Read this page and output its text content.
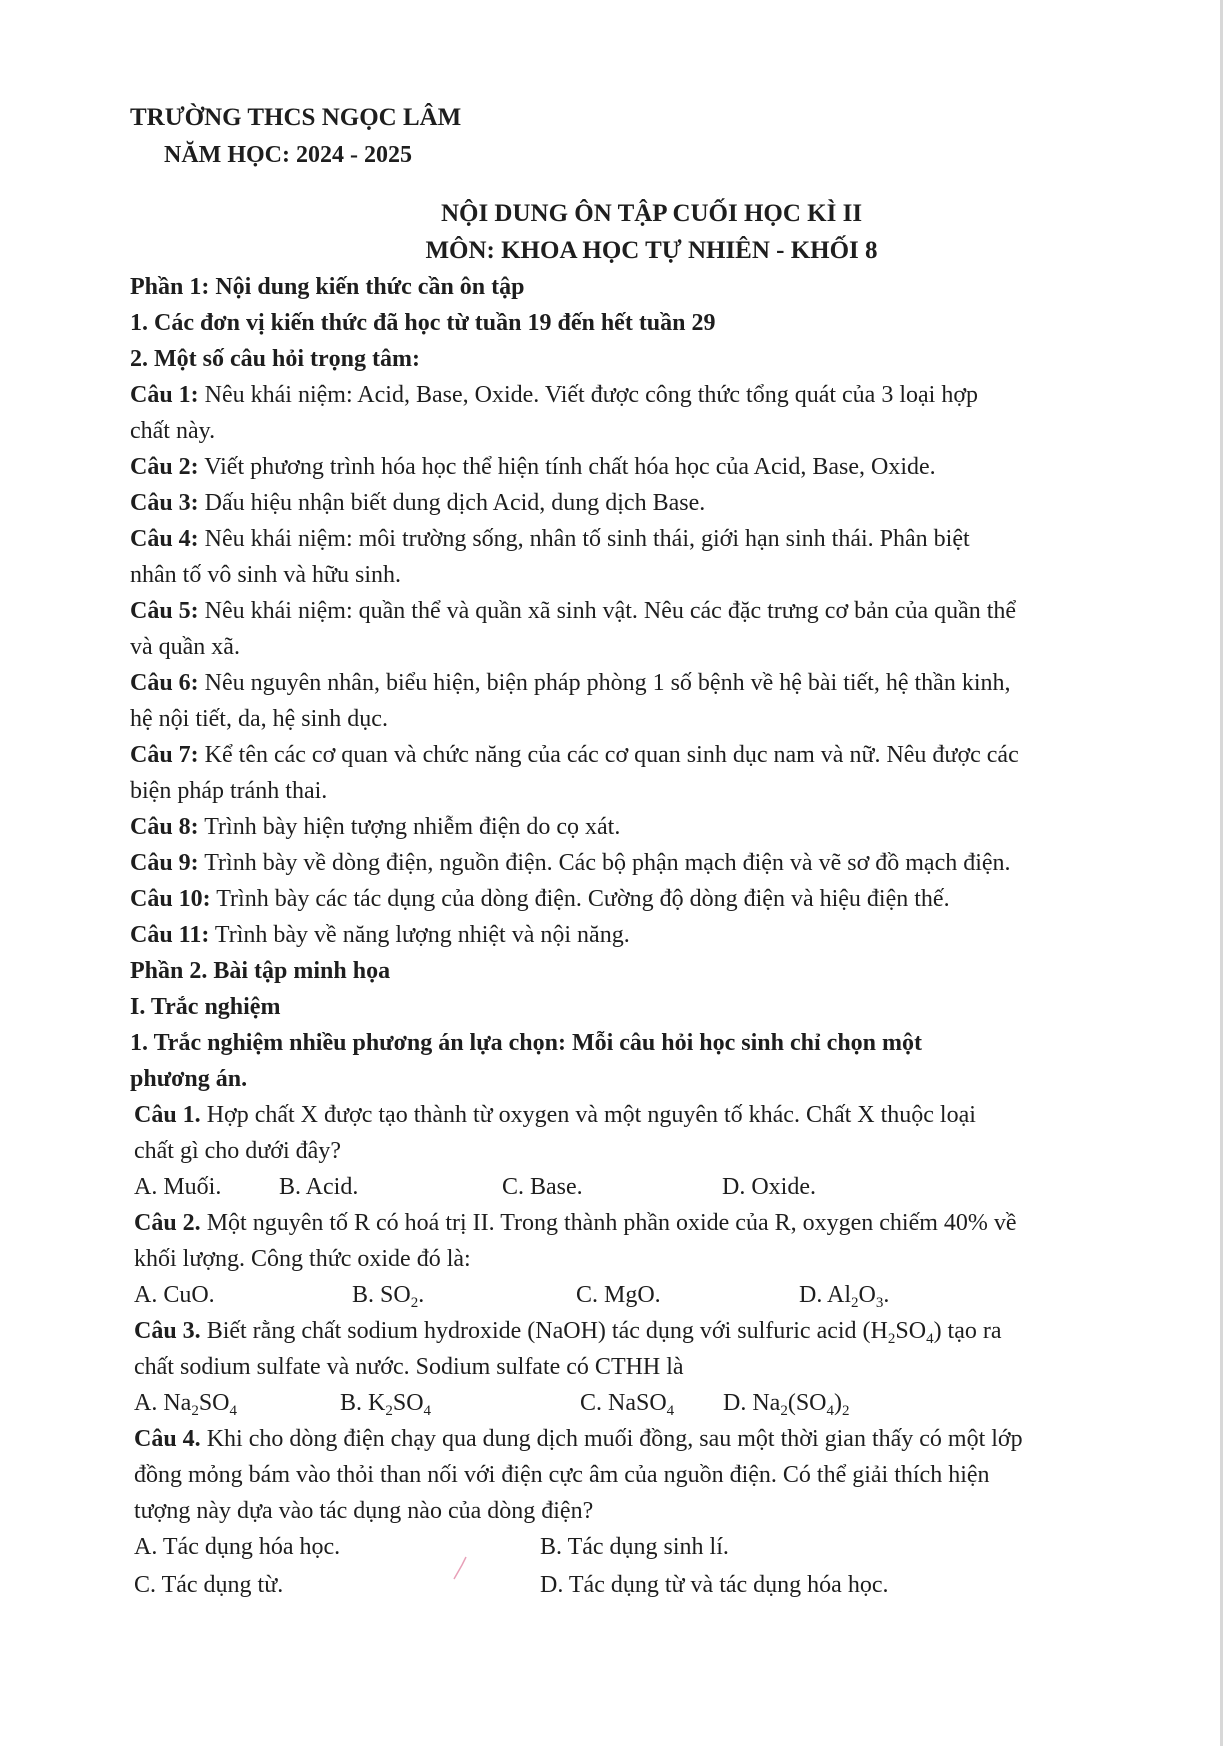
TRƯỜNG THCS NGỌC LÂM
NĂM HỌC: 2024 - 2025
NỘI DUNG ÔN TẬP CUỐI HỌC KÌ II
MÔN: KHOA HỌC TỰ NHIÊN - KHỐI 8
Phần 1: Nội dung kiến thức cần ôn tập
1. Các đơn vị kiến thức đã học từ tuần 19 đến hết tuần 29
2. Một số câu hỏi trọng tâm:
Câu 1: Nêu khái niệm: Acid, Base, Oxide. Viết được công thức tổng quát của 3 loại hợp
chất này.
Câu 2: Viết phương trình hóa học thể hiện tính chất hóa học của Acid, Base, Oxide.
Câu 3: Dấu hiệu nhận biết dung dịch Acid, dung dịch Base.
Câu 4: Nêu khái niệm: môi trường sống, nhân tố sinh thái, giới hạn sinh thái. Phân biệt
nhân tố vô sinh và hữu sinh.
Câu 5: Nêu khái niệm: quần thể và quần xã sinh vật. Nêu các đặc trưng cơ bản của quần thể
và quần xã.
Câu 6: Nêu nguyên nhân, biểu hiện, biện pháp phòng 1 số bệnh về hệ bài tiết, hệ thần kinh,
hệ nội tiết, da, hệ sinh dục.
Câu 7: Kể tên các cơ quan và chức năng của các cơ quan sinh dục nam và nữ. Nêu được các
biện pháp tránh thai.
Câu 8: Trình bày hiện tượng nhiễm điện do cọ xát.
Câu 9: Trình bày về dòng điện, nguồn điện. Các bộ phận mạch điện và vẽ sơ đồ mạch điện.
Câu 10: Trình bày các tác dụng của dòng điện. Cường độ dòng điện và hiệu điện thế.
Câu 11: Trình bày về năng lượng nhiệt và nội năng.
Phần 2. Bài tập minh họa
I. Trắc nghiệm
1. Trắc nghiệm nhiều phương án lựa chọn: Mỗi câu hỏi học sinh chỉ chọn một
phương án.
Câu 1. Hợp chất X được tạo thành từ oxygen và một nguyên tố khác. Chất X thuộc loại
chất gì cho dưới đây?
A. Muối. B. Acid.	C. Base.	D. Oxide.
Câu 2. Một nguyên tố R có hoá trị II. Trong thành phần oxide của R, oxygen chiếm 40% về
khối lượng. Công thức oxide đó là:
A. CuO.	B. $SO_2$.	C. MgO.	D. $Al_2O_3$.
Câu 3. Biết rằng chất sodium hydroxide (NaOH) tác dụng với sulfuric acid $(H_2SO_4)$ tạo ra
chất sodium sulfate và nước. Sodium sulfate có CTHH là
A. $Na_2SO_4$	B. $K_2SO_4$	C. NaSO$_4$ D. $Na_2(SO_4)_2$
Câu 4. Khi cho dòng điện chạy qua dung dịch muối đồng, sau một thời gian thấy có một lớp
đồng mỏng bám vào thỏi than nối với điện cực âm của nguồn điện. Có thể giải thích hiện
tượng này dựa vào tác dụng nào của dòng điện?
A. Tác dụng hóa học.	B. Tác dụng sinh lí.
C. Tác dụng từ.	D. Tác dụng từ và tác dụng hóa học.
